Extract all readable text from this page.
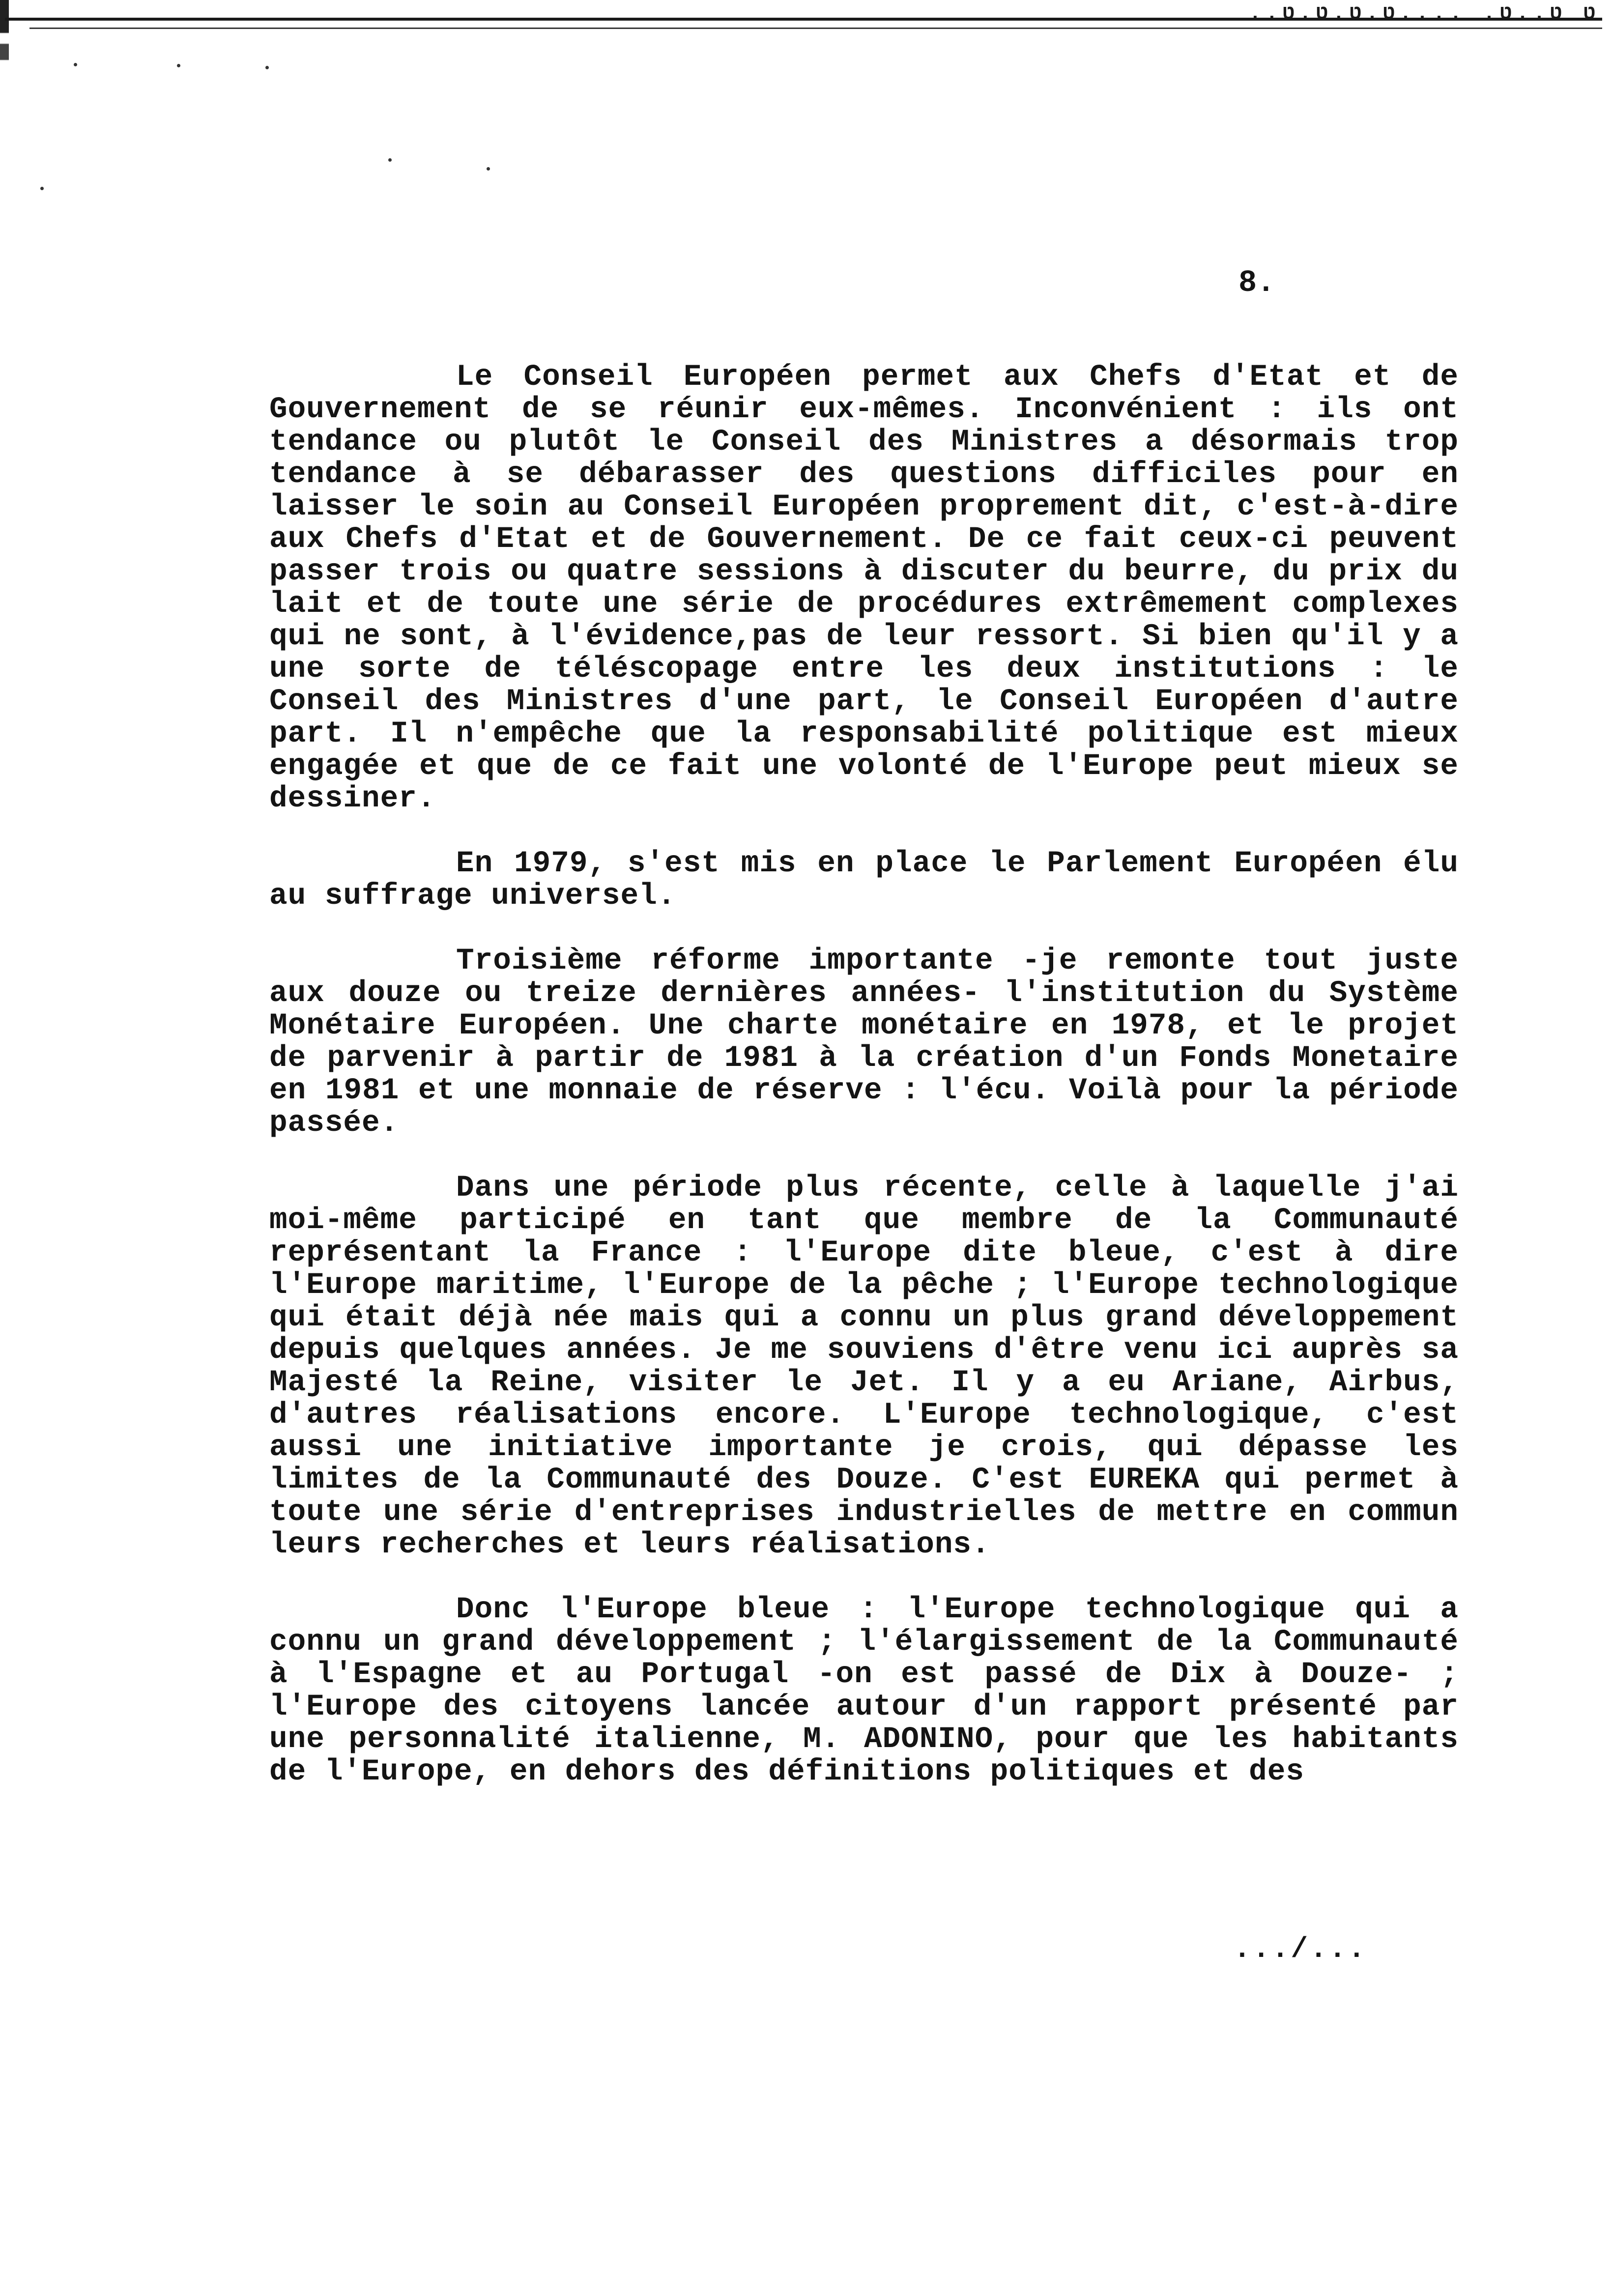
..ט ט..ט. ....ט.ט.ט.ט
8.

Le Conseil Européen permet aux Chefs d'Etat et de Gouvernement de se réunir eux-mêmes. Inconvénient : ils ont tendance ou plutôt le Conseil des Ministres a désormais trop tendance à se débarasser des questions difficiles pour en laisser le soin au Conseil Européen proprement dit, c'est-à-dire aux Chefs d'Etat et de Gouvernement. De ce fait ceux-ci peuvent passer trois ou quatre sessions à discuter du beurre, du prix du lait et de toute une série de procédures extrêmement complexes qui ne sont, à l'évidence,pas de leur ressort. Si bien qu'il y a une sorte de téléscopage entre les deux institutions : le Conseil des Ministres d'une part, le Conseil Européen d'autre part. Il n'empêche que la responsabilité politique est mieux engagée et que de ce fait une volonté de l'Europe peut mieux se dessiner.

En 1979, s'est mis en place le Parlement Européen élu au suffrage universel.

Troisième réforme importante -je remonte tout juste aux douze ou treize dernières années- l'institution du Système Monétaire Européen. Une charte monétaire en 1978, et le projet de parvenir à partir de 1981 à la création d'un Fonds Monetaire en 1981 et une monnaie de réserve : l'écu. Voilà pour la période passée.

Dans une période plus récente, celle à laquelle j'ai moi-même participé en tant que membre de la Communauté représentant la France : l'Europe dite bleue, c'est à dire l'Europe maritime, l'Europe de la pêche ; l'Europe technologique qui était déjà née mais qui a connu un plus grand développement depuis quelques années. Je me souviens d'être venu ici auprès sa Majesté la Reine, visiter le Jet. Il y a eu Ariane, Airbus, d'autres réalisations encore. L'Europe technologique, c'est aussi une initiative importante je crois, qui dépasse les limites de la Communauté des Douze. C'est EUREKA qui permet à toute une série d'entreprises industrielles de mettre en commun leurs recherches et leurs réalisations.

Donc l'Europe bleue : l'Europe technologique qui a connu un grand développement ; l'élargissement de la Communauté à l'Espagne et au Portugal -on est passé de Dix à Douze- ; l'Europe des citoyens lancée autour d'un rapport présenté par une personnalité italienne, M. ADONINO, pour que les habitants de l'Europe, en dehors des définitions politiques et des

.../...
